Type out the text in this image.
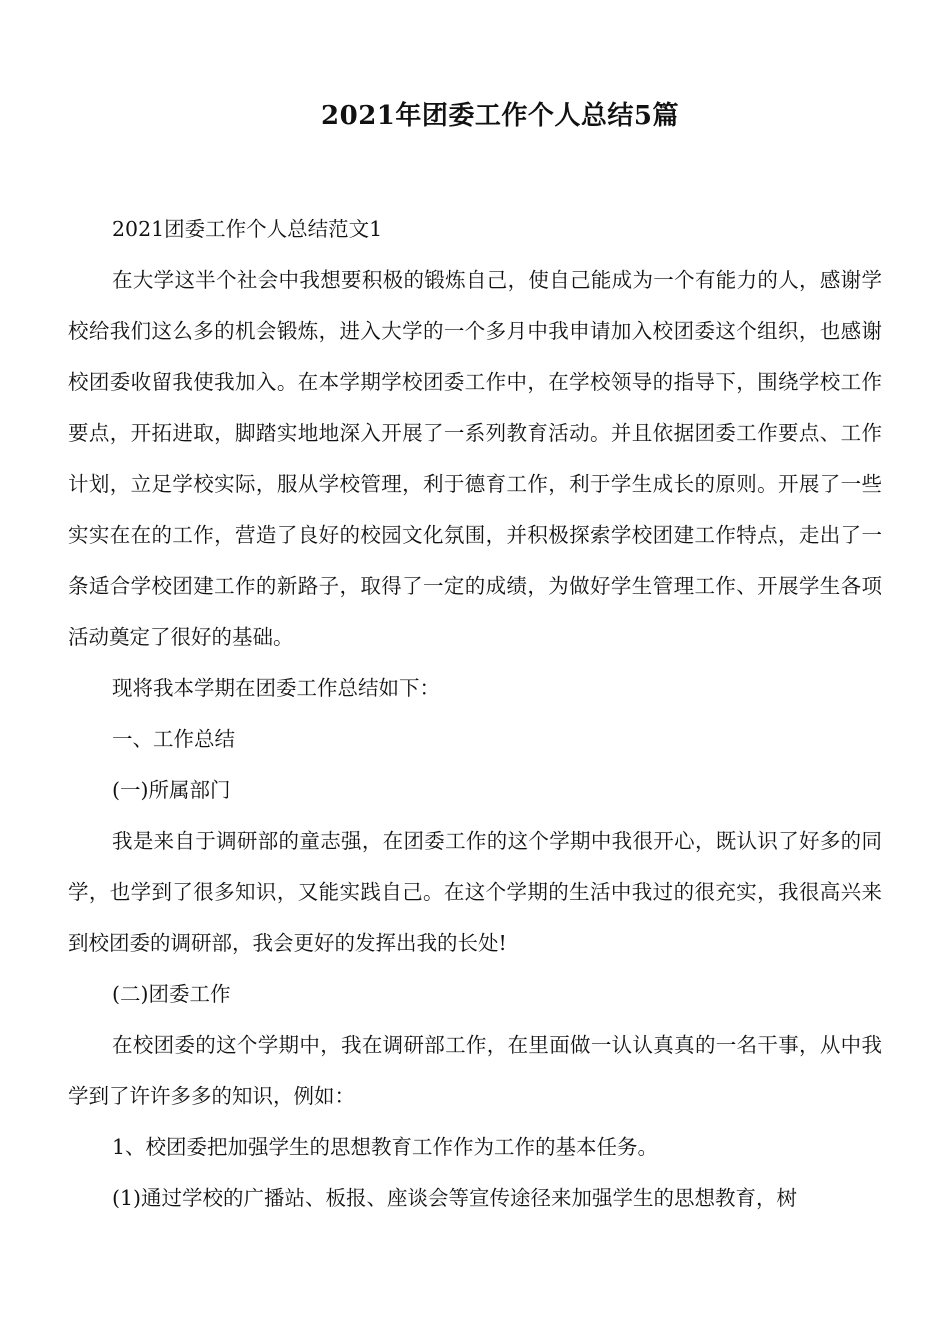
2021年团委工作个人总结5篇

2021团委工作个人总结范文1

在大学这半个社会中我想要积极的锻炼自己，使自己能成为一个有能力的人，感谢学校给我们这么多的机会锻炼，进入大学的一个多月中我申请加入校团委这个组织，也感谢校团委收留我使我加入。在本学期学校团委工作中，在学校领导的指导下，围绕学校工作要点，开拓进取，脚踏实地地深入开展了一系列教育活动。并且依据团委工作要点、工作计划，立足学校实际，服从学校管理，利于德育工作，利于学生成长的原则。开展了一些实实在在的工作，营造了良好的校园文化氛围，并积极探索学校团建工作特点，走出了一条适合学校团建工作的新路子，取得了一定的成绩，为做好学生管理工作、开展学生各项活动奠定了很好的基础。

现将我本学期在团委工作总结如下：

一、工作总结

(一)所属部门

我是来自于调研部的童志强，在团委工作的这个学期中我很开心，既认识了好多的同学，也学到了很多知识，又能实践自己。在这个学期的生活中我过的很充实，我很高兴来到校团委的调研部，我会更好的发挥出我的长处!

(二)团委工作

在校团委的这个学期中，我在调研部工作，在里面做一认认真真的一名干事，从中我学到了许许多多的知识，例如：

1、校团委把加强学生的思想教育工作作为工作的基本任务。

(1)通过学校的广播站、板报、座谈会等宣传途径来加强学生的思想教育，树
